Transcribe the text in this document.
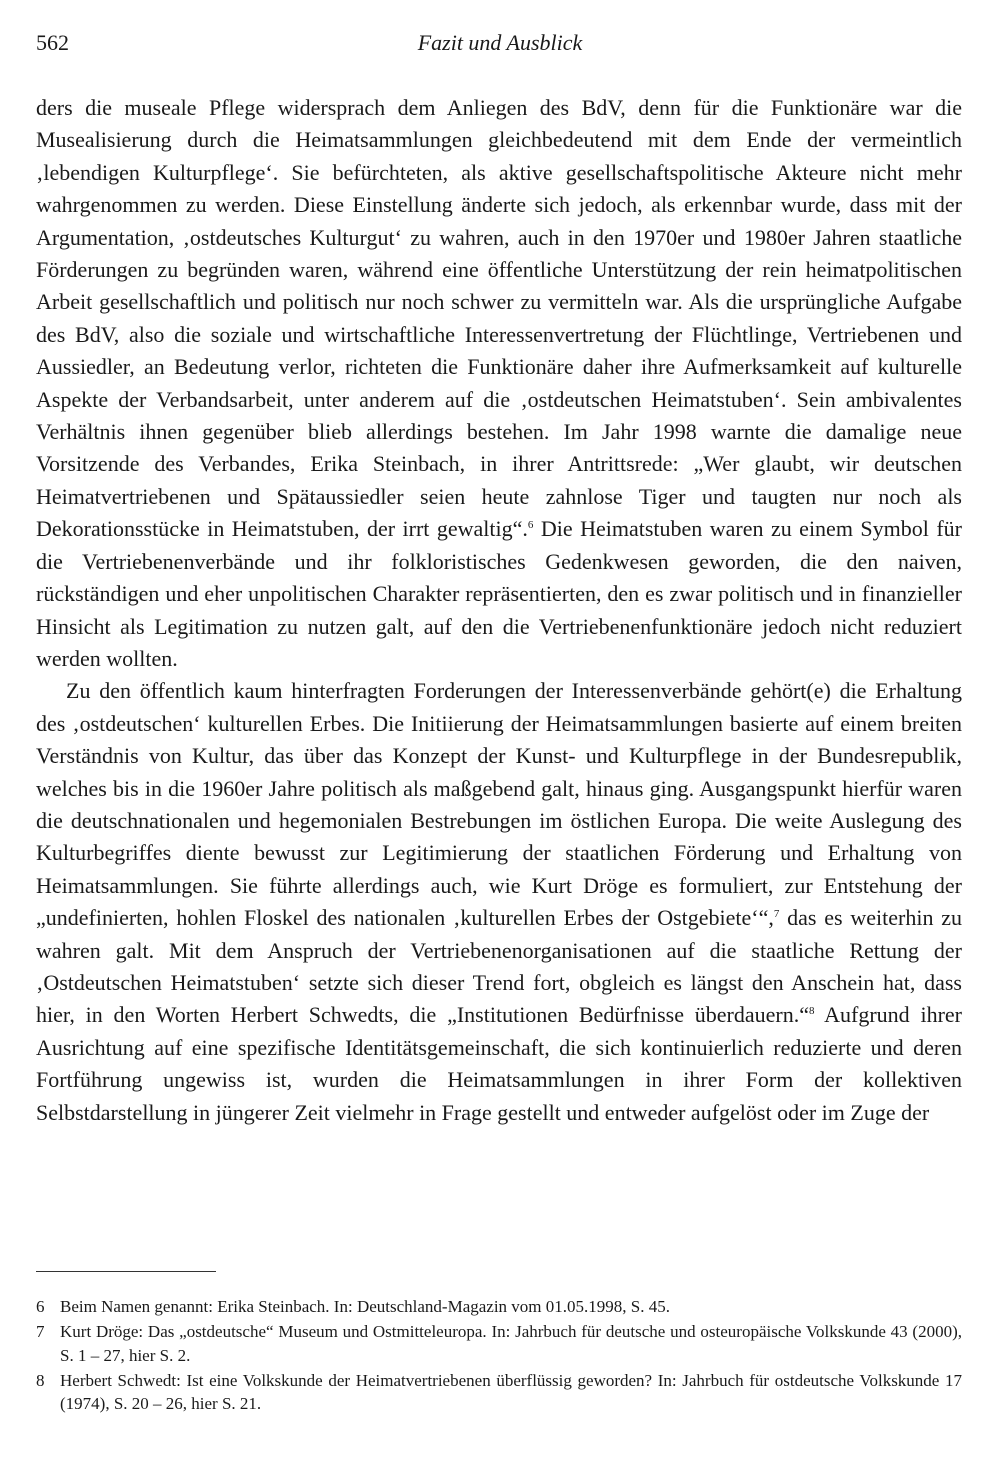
562	Fazit und Ausblick

ders die museale Pflege widersprach dem Anliegen des BdV, denn für die Funktionäre war die Musealisierung durch die Heimatsammlungen gleichbedeutend mit dem Ende der vermeintlich ‚lebendigen Kulturpflege‘. Sie befürchteten, als aktive gesellschaftspolitische Akteure nicht mehr wahrgenommen zu werden. Diese Einstellung änderte sich jedoch, als erkennbar wurde, dass mit der Argumentation, ‚ostdeutsches Kulturgut‘ zu wahren, auch in den 1970er und 1980er Jahren staatliche Förderungen zu begründen waren, während eine öffentliche Unterstützung der rein heimatpolitischen Arbeit gesellschaftlich und politisch nur noch schwer zu vermitteln war. Als die ursprüngliche Aufgabe des BdV, also die soziale und wirtschaftliche Interessenvertretung der Flüchtlinge, Vertriebenen und Aussiedler, an Bedeutung verlor, richteten die Funktionäre daher ihre Aufmerksamkeit auf kulturelle Aspekte der Verbandsarbeit, unter anderem auf die ‚ostdeutschen Heimatstuben‘. Sein ambivalentes Verhältnis ihnen gegenüber blieb allerdings bestehen. Im Jahr 1998 warnte die damalige neue Vorsitzende des Verbandes, Erika Steinbach, in ihrer Antrittsrede: „Wer glaubt, wir deutschen Heimatvertriebenen und Spätaussiedler seien heute zahnlose Tiger und taugten nur noch als Dekorationsstücke in Heimatstuben, der irrt gewaltig“.$^6$ Die Heimatstuben waren zu einem Symbol für die Vertriebenenverbände und ihr folkloristisches Gedenkwesen geworden, die den naiven, rückständigen und eher unpolitischen Charakter repräsentierten, den es zwar politisch und in finanzieller Hinsicht als Legitimation zu nutzen galt, auf den die Vertriebenenfunktionäre jedoch nicht reduziert werden wollten.

Zu den öffentlich kaum hinterfragten Forderungen der Interessenverbände gehört(e) die Erhaltung des ‚ostdeutschen‘ kulturellen Erbes. Die Initiierung der Heimatsammlungen basierte auf einem breiten Verständnis von Kultur, das über das Konzept der Kunst- und Kulturpflege in der Bundesrepublik, welches bis in die 1960er Jahre politisch als maßgebend galt, hinaus ging. Ausgangspunkt hierfür waren die deutschnationalen und hegemonialen Bestrebungen im östlichen Europa. Die weite Auslegung des Kulturbegriffes diente bewusst zur Legitimierung der staatlichen Förderung und Erhaltung von Heimatsammlungen. Sie führte allerdings auch, wie Kurt Dröge es formuliert, zur Entstehung der „undefinierten, hohlen Floskel des nationalen ‚kulturellen Erbes der Ostgebiete‘“,$^7$ das es weiterhin zu wahren galt. Mit dem Anspruch der Vertriebenenorganisationen auf die staatliche Rettung der ‚Ostdeutschen Heimatstuben‘ setzte sich dieser Trend fort, obgleich es längst den Anschein hat, dass hier, in den Worten Herbert Schwedts, die „Institutionen Bedürfnisse überdauern.“$^8$ Aufgrund ihrer Ausrichtung auf eine spezifische Identitätsgemeinschaft, die sich kontinuierlich reduzierte und deren Fortführung ungewiss ist, wurden die Heimatsammlungen in ihrer Form der kollektiven Selbstdarstellung in jüngerer Zeit vielmehr in Frage gestellt und entweder aufgelöst oder im Zuge der

6 Beim Namen genannt: Erika Steinbach. In: Deutschland-Magazin vom 01.05.1998, S. 45.
7 Kurt Dröge: Das „ostdeutsche“ Museum und Ostmitteleuropa. In: Jahrbuch für deutsche und osteuropäische Volkskunde 43 (2000), S. 1 – 27, hier S. 2.
8 Herbert Schwedt: Ist eine Volkskunde der Heimatvertriebenen überflüssig geworden? In: Jahrbuch für ostdeutsche Volkskunde 17 (1974), S. 20 – 26, hier S. 21.
